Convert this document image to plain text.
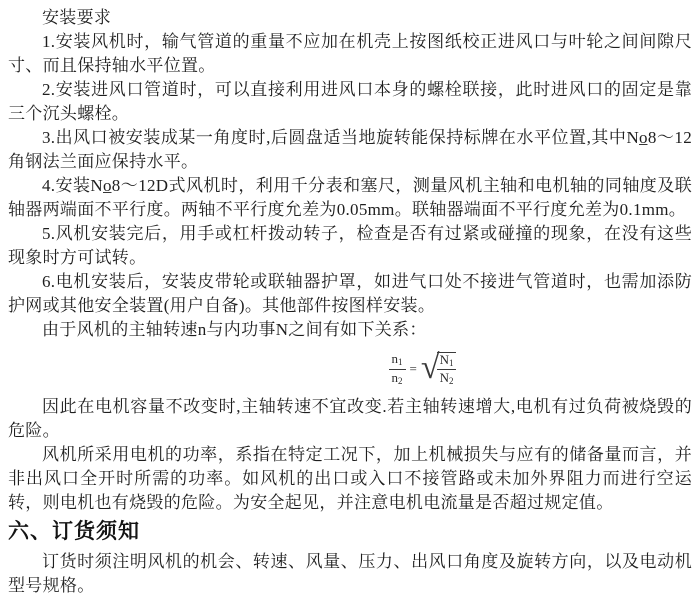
安装要求

1.安装风机时，输气管道的重量不应加在机壳上按图纸校正进风口与叶轮之间间隙尺寸、而且保持轴水平位置。

2.安装进风口管道时，可以直接利用进风口本身的螺栓联接，此时进风口的固定是靠三个沉头螺栓。

3.出风口被安装成某一角度时,后圆盘适当地旋转能保持标牌在水平位置,其中No̲8～12角钢法兰面应保持水平。

4.安装No̲8～12D式风机时，利用千分表和塞尺，测量风机主轴和电机轴的同轴度及联轴器两端面不平行度。两轴不平行度允差为0.05mm。联轴器端面不平行度允差为0.1mm。

5.风机安装完后，用手或杠杆拨动转子，检查是否有过紧或碰撞的现象，在没有这些现象时方可试转。

6.电机安装后，安装皮带轮或联轴器护罩，如进气口处不接进气管道时，也需加添防护网或其他安全装置(用户自备)。其他部件按图样安装。

由于风机的主轴转速n与内功事N之间有如下关系：

$\frac{n_1}{n_2}$ = √
$\frac{N_1}{N_2}$

因此在电机容量不改变时,主轴转速不宜改变.若主轴转速增大,电机有过负荷被烧毁的危险。

风机所采用电机的功率，系指在特定工况下，加上机械损失与应有的储备量而言，并非出风口全开时所需的功率。如风机的出口或入口不接管路或未加外界阻力而进行空运转，则电机也有烧毁的危险。为安全起见，并注意电机电流量是否超过规定值。

六、订货须知

订货时须注明风机的机会、转速、风量、压力、出风口角度及旋转方向，以及电动机型号规格。
